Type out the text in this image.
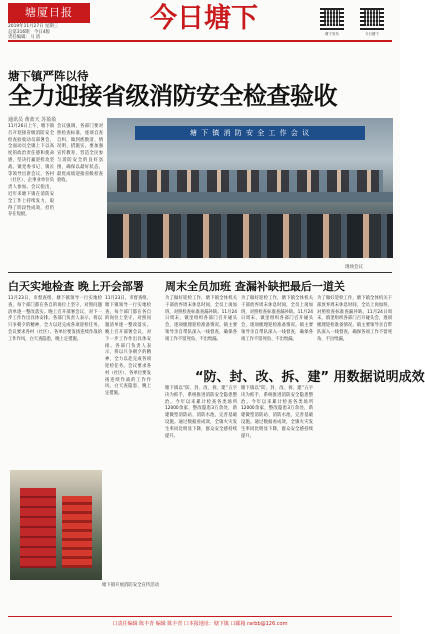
塘厦日报
2019年11月27日 星期三
总第316期　今日4版
责任编辑：马 清
今日塘下	塘下发布	今日塘下
塘下镇严阵以待
全力迎接省级消防安全检查验收
通讯员 黄蓝天 苏盈盈
11月26日上午，塘下镇召开迎接省级消防安全检查验收动员部署会，全面动员全镇上下以高度的政治责任感和使命感，坚决打赢迎检攻坚战。镇党委书记、镇长等领导出席会议，各村（社区）、企事业单位负责人参加。会议指出，近年来塘下镇在消防安全工作上持续发力，取得了阶段性成效，但仍存在短板。
会议强调，各部门要对照检查标准，逐项自查自纠，做到底数清、情况明、措施实。要加强宣传教育，营造全民参与消防安全的良好氛围，确保以最好状态、最优成绩迎接省级检查验收。
塘 下 镇 消 防 安 全 工 作 会 议
现场会议
白天实地检查 晚上开会部署
11月23日，市督查组、塘下镇领导一行实地检查，每个部门都在各自的岗位上坚守，对照问题清单逐一整改落实。晚上召开部署会议，对下一步工作作出具体安排。各部门负责人表示，将以只争朝夕的精神，全力以赴完成各项迎检任务。会议要求各村（社区）、各单位要发扬连续作战的工作作风，白天查隐患，晚上定措施。
11月23日，市督查组、塘下镇领导一行实地检查，每个部门都在各自的岗位上坚守，对照问题清单逐一整改落实。晚上召开部署会议，对下一步工作作出具体安排。各部门负责人表示，将以只争朝夕的精神，全力以赴完成各项迎检任务。会议要求各村（社区）、各单位要发扬连续作战的工作作风，白天查隐患，晚上定措施。
塘下镇开展消防安全宣传活动
周末全员加班 查漏补缺把最后一道关
为了做好迎检工作，塘下镇全体机关干部放弃周末休息时间，全员上岗加班，对照检查标准查漏补缺。11月24日周末，镇里组织各部门召开碰头会，逐项梳理迎检准备情况。镇主要领导亲自带队深入一线督查，确保各项工作不留死角、不出纰漏。
为了做好迎检工作，塘下镇全体机关干部放弃周末休息时间，全员上岗加班，对照检查标准查漏补缺。11月24日周末，镇里组织各部门召开碰头会，逐项梳理迎检准备情况。镇主要领导亲自带队深入一线督查，确保各项工作不留死角、不出纰漏。
为了做好迎检工作，塘下镇全体机关干部放弃周末休息时间，全员上岗加班，对照检查标准查漏补缺。11月24日周末，镇里组织各部门召开碰头会，逐项梳理迎检准备情况。镇主要领导亲自带队深入一线督查，确保各项工作不留死角、不出纰漏。
“防、封、改、拆、建” 用数据说明成效
塘下镇以“防、封、改、拆、建”五字诀为抓手，系统推进消防安全隐患整治。今年以来累计检查各类场所12000余家，整改隐患3万余处，新建微型消防站、消防水池，完善基础设施。通过数据看成效，全镇火灾发生率同比明显下降，群众安全感持续提升。
塘下镇以“防、封、改、拆、建”五字诀为抓手，系统推进消防安全隐患整治。今年以来累计检查各类场所12000余家，整改隐患3万余处，新建微型消防站、消防水池，完善基础设施。通过数据看成效，全镇火灾发生率同比明显下降，群众安全感持续提升。
口责任编辑 陈丰青 编辑 陈丰青 口本报地址：塘下镇 口邮箱 rarbb@126.com
